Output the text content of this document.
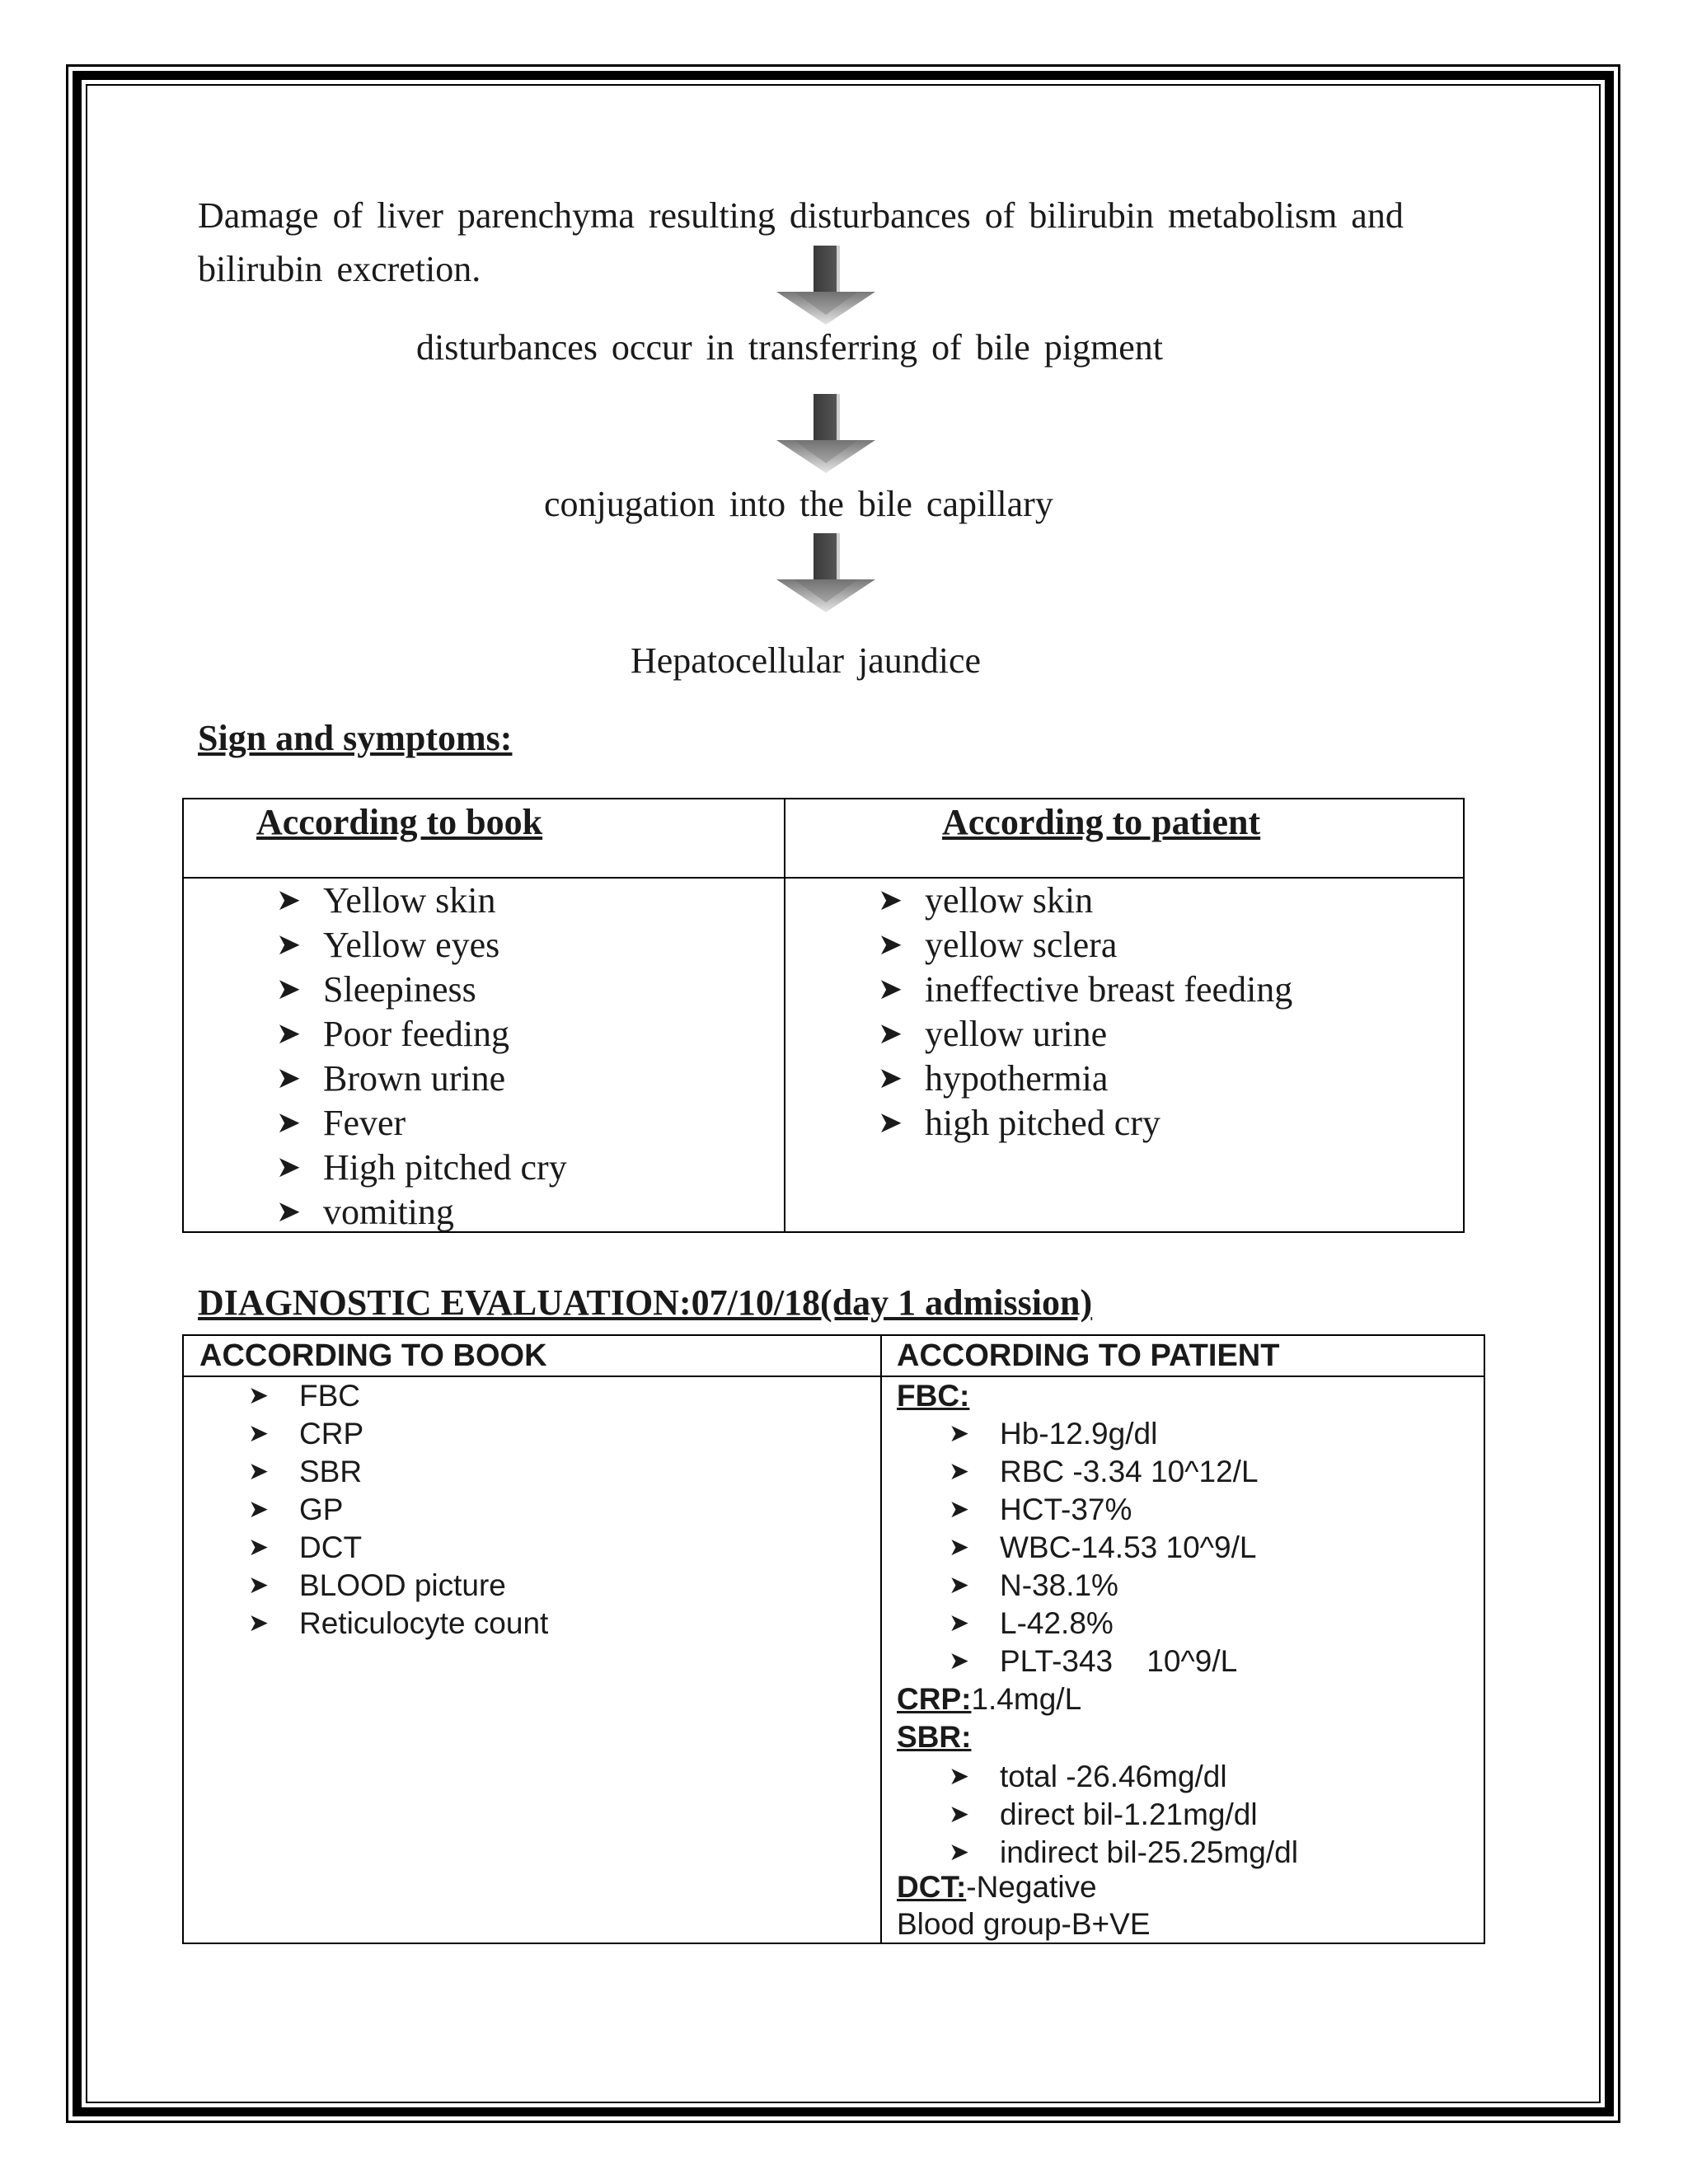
Damage of liver parenchyma resulting disturbances of bilirubin metabolism and
bilirubin excretion.
disturbances occur in transferring of bile pigment
conjugation into the bile capillary
Hepatocellular jaundice
Sign and symptoms:
According to book	According to patient
➤ Yellow skin
➤ Yellow eyes
➤ Sleepiness
➤ Poor feeding
➤ Brown urine
➤ Fever
➤ High pitched cry
➤ vomiting
➤ yellow skin
➤ yellow sclera
➤ ineffective breast feeding
➤ yellow urine
➤ hypothermia
➤ high pitched cry
DIAGNOSTIC EVALUATION:07/10/18(day 1 admission)
ACCORDING TO BOOK	ACCORDING TO PATIENT
➤ FBC
➤ CRP
➤ SBR
➤ GP
➤ DCT
➤ BLOOD picture
➤ Reticulocyte count
FBC:
➤ Hb-12.9g/dl
➤ RBC -3.34 10^12/L
➤ HCT-37%
➤ WBC-14.53 10^9/L
➤ N-38.1%
➤ L-42.8%
➤ PLT-343    10^9/L
CRP:1.4mg/L
SBR:
➤ total -26.46mg/dl
➤ direct bil-1.21mg/dl
➤ indirect bil-25.25mg/dl
DCT:-Negative
Blood group-B+VE
